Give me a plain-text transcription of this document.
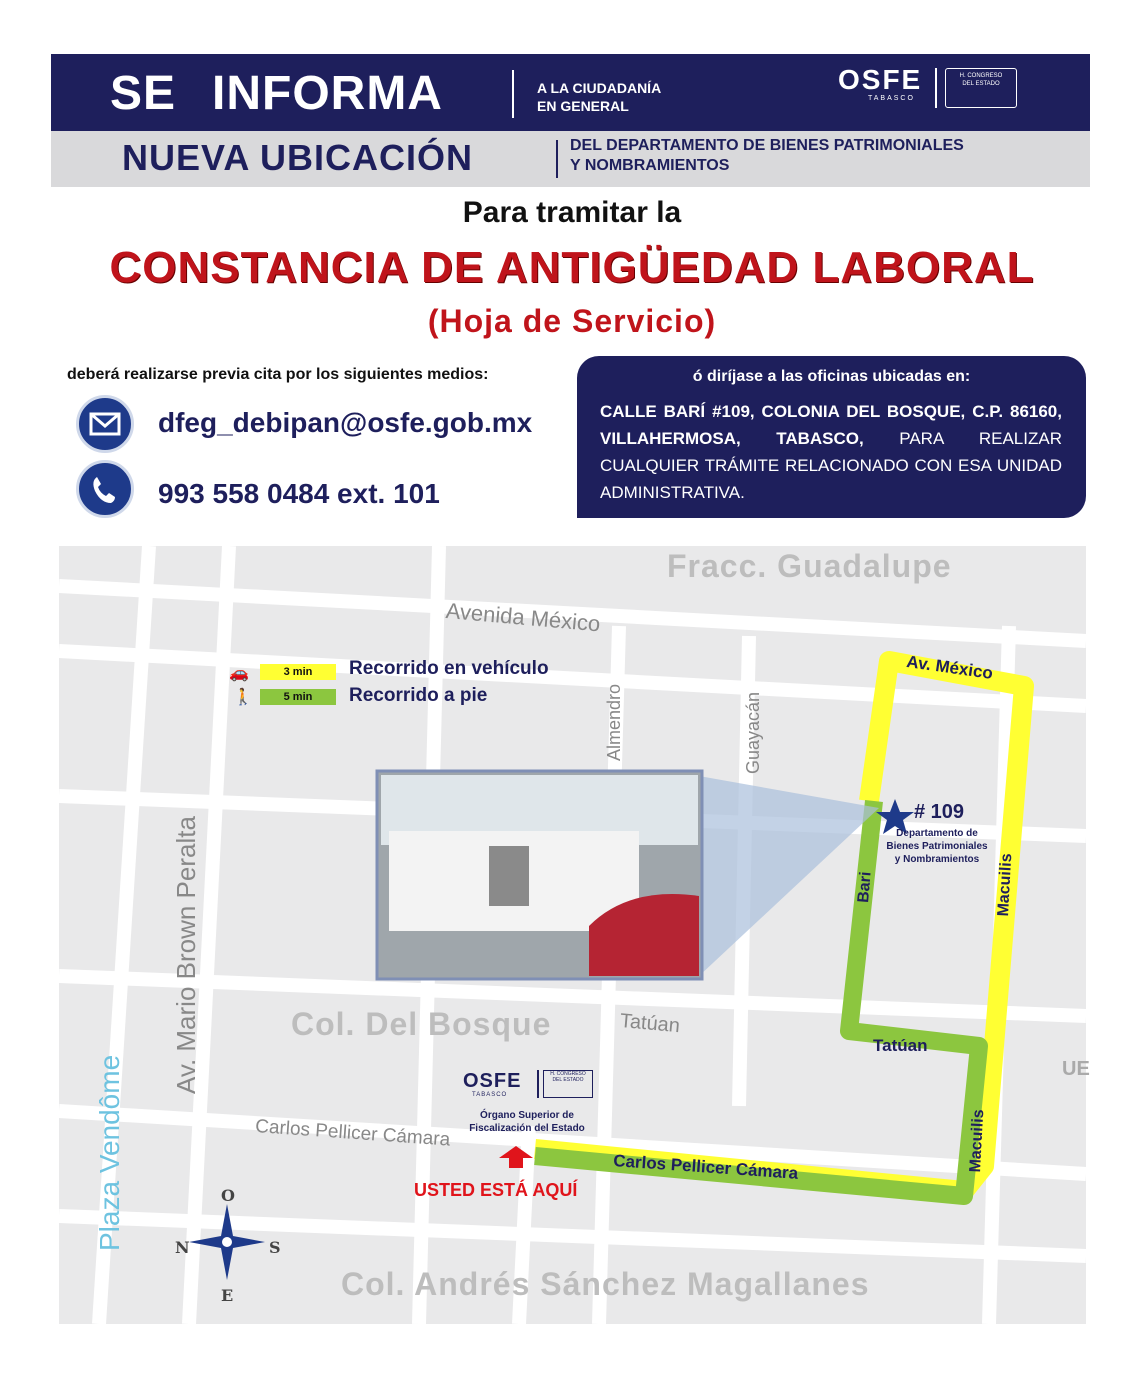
SE INFORMA	A LA CIUDADANÍA
EN GENERAL
OSFE
TABASCO
H. CONGRESO
DEL ESTADO
NUEVA UBICACIÓN	DEL DEPARTAMENTO DE BIENES PATRIMONIALES
Y NOMBRAMIENTOS
Para tramitar la
CONSTANCIA DE ANTIGÜEDAD LABORAL
(Hoja de Servicio)
deberá realizarse previa cita por los siguientes medios:
dfeg_debipan@osfe.gob.mx
993 558 0484 ext. 101
ó diríjase a las oficinas ubicadas en:
CALLE BARÍ #109, COLONIA DEL BOSQUE, C.P. 86160, VILLAHERMOSA, TABASCO, PARA REALIZAR CUALQUIER TRÁMITE RELACIONADO CON ESA UNIDAD ADMINISTRATIVA.
Fracc. Guadalupe
Avenida México
Almendro	Guayacán
Av. Mario Brown Peralta
Plaza Vendôme
Col. Del Bosque	Tatúan
Carlos Pellicer Cámara
Col. Andrés Sánchez Magallanes
UE
🚗	3 min	Recorrido en vehículo
🚶	5 min	Recorrido a pie
Av. México
Macuilis
Bari
Tatúan
Macuilis
Carlos Pellicer Cámara
# 109
Departamento de
Bienes Patrimoniales
y Nombramientos
OSFE
TABASCO
H. CONGRESO
DEL ESTADO
Órgano Superior de
Fiscalización del Estado
USTED ESTÁ AQUÍ
O
N	S
E
